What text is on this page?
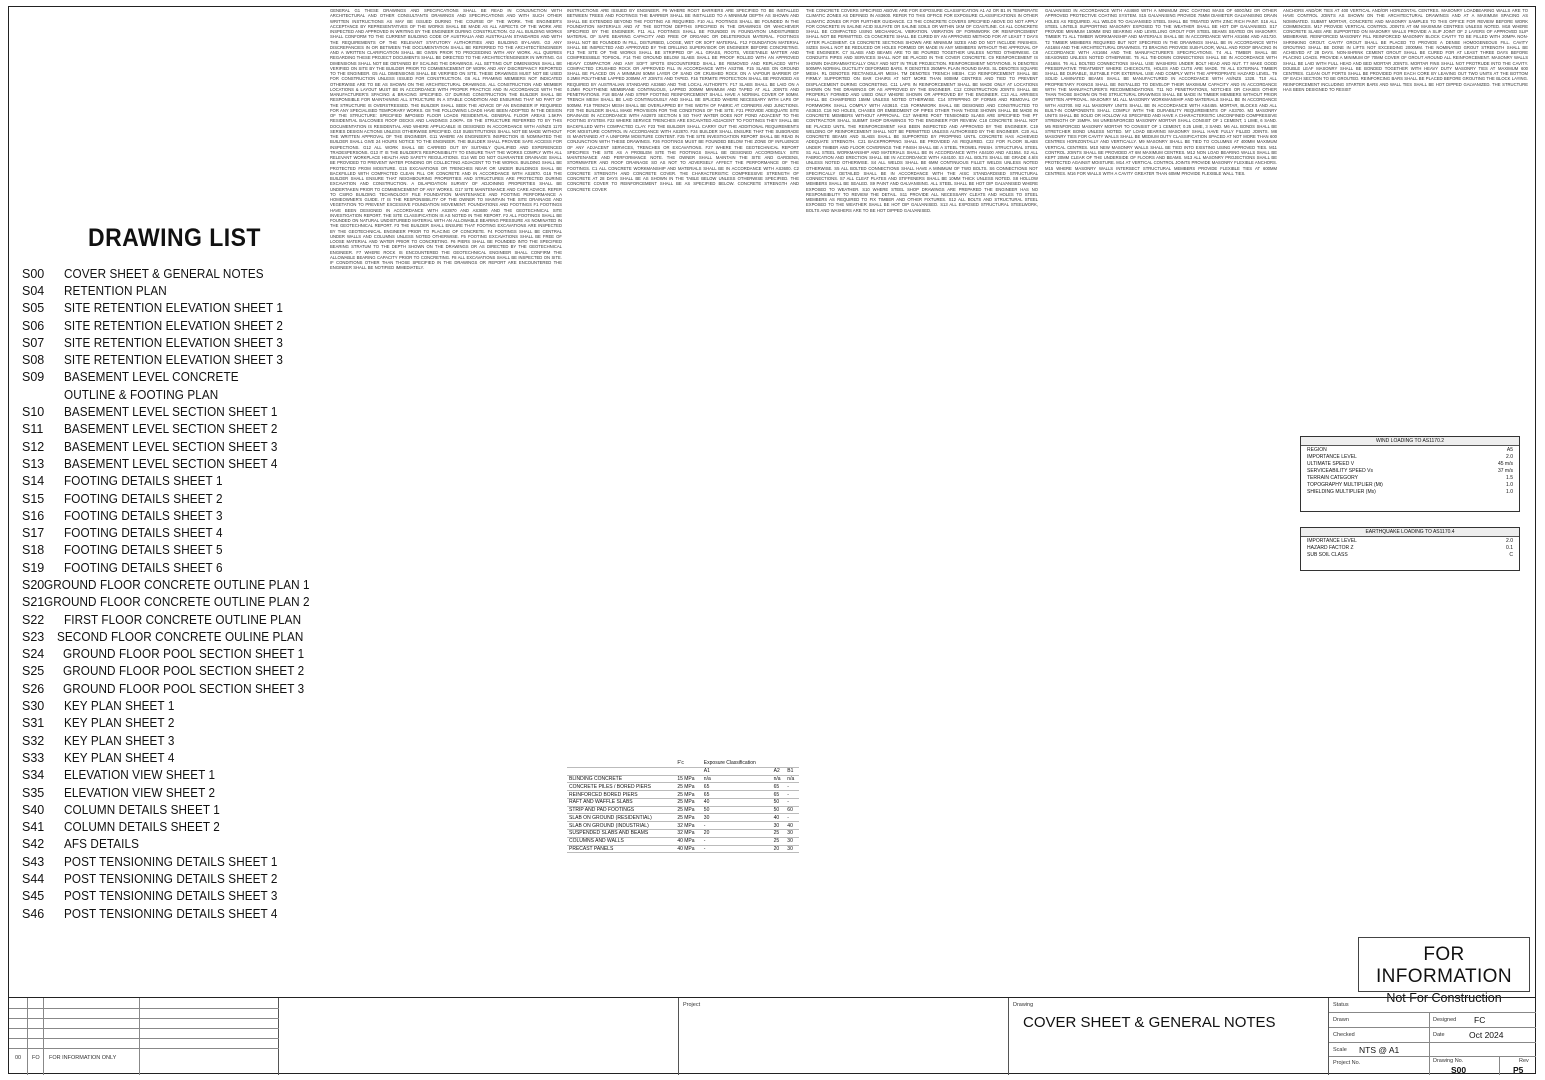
DRAWING LIST
S00	COVER SHEET & GENERAL NOTES
S04	RETENTION PLAN
S05	SITE RETENTION ELEVATION SHEET 1
S06	SITE RETENTION ELEVATION SHEET 2
S07	SITE RETENTION ELEVATION SHEET 3
S08	SITE RETENTION ELEVATION SHEET 3
S09	BASEMENT LEVEL CONCRETE
OUTLINE & FOOTING PLAN
S10	BASEMENT LEVEL SECTION SHEET 1
S11	BASEMENT LEVEL SECTION SHEET 2
S12	BASEMENT LEVEL SECTION SHEET 3
S13	BASEMENT LEVEL SECTION SHEET 4
S14	FOOTING DETAILS SHEET 1
S15	FOOTING DETAILS SHEET 2
S16	FOOTING DETAILS SHEET 3
S17	FOOTING DETAILS SHEET 4
S18	FOOTING DETAILS SHEET 5
S19	FOOTING DETAILS SHEET 6
S20 GROUND FLOOR CONCRETE OUTLINE PLAN 1
S21 GROUND FLOOR CONCRETE OUTLINE PLAN 2
S22	FIRST FLOOR CONCRETE OUTLINE PLAN
S23	SECOND FLOOR CONCRETE OULINE PLAN
S24	GROUND FLOOR POOL SECTION SHEET 1
S25	GROUND FLOOR POOL SECTION SHEET 2
S26	GROUND FLOOR POOL SECTION SHEET 3
S30	KEY PLAN SHEET 1
S31	KEY PLAN SHEET 2
S32	KEY PLAN SHEET 3
S33	KEY PLAN SHEET 4
S34	ELEVATION VIEW SHEET 1
S35	ELEVATION VIEW SHEET 2
S40	COLUMN DETAILS SHEET 1
S41	COLUMN DETAILS SHEET 2
S42	AFS DETAILS
S43	POST TENSIONING DETAILS SHEET 1
S44	POST TENSIONING DETAILS SHEET 2
S45	POST TENSIONING DETAILS SHEET 3
S46	POST TENSIONING DETAILS SHEET 4
GENERAL G1 THESE DRAWINGS AND SPECIFICATIONS SHALL BE READ IN CONJUNCTION WITH ARCHITECTURAL AND OTHER CONSULTANTS DRAWINGS AND SPECIFICATIONS AND WITH SUCH OTHER WRITTEN INSTRUCTIONS AS MAY BE ISSUED DURING THE COURSE OF THE WORK. THE ENGINEER'S ACCEPTANCE BY REPRESENTATIVES OF THE WORKS SHALL BE MADE AS ALL ASPECTS OF THE WORK ARE INSPECTED AND APPROVED IN WRITING BY THE ENGINEER DURING CONSTRUCTION. G2 ALL BUILDING WORKS SHALL CONFORM TO THE CURRENT BUILDING CODE OF AUSTRALIA AND AUSTRALIAN STANDARDS AND WITH THE REQUIREMENTS OF THE RELEVANT STATUTORY AUTHORITIES AND BUILDING BY-LAWS. G3 ANY DISCREPANCIES IN OR BETWEEN THE DOCUMENTATION SHALL BE REFERRED TO THE ARCHITECT/ENGINEER AND A WRITTEN CLARIFICATION SHALL BE GIVEN PRIOR TO PROCEEDING WITH ANY WORK. ALL QUERIES REGARDING THESE PROJECT DOCUMENTS SHALL BE DIRECTED TO THE ARCHITECT/ENGINEER IN WRITING. G4 DIMENSIONS SHALL NOT BE OBTAINED BY SCALING THE DRAWINGS. ALL SETTING OUT DIMENSIONS SHALL BE VERIFIED ON SITE BY THE BUILDER PRIOR TO COMMENCEMENT OF WORK AND ANY DISCREPANCY REPORTED TO THE ENGINEER. G5 ALL DIMENSIONS SHALL BE VERIFIED ON SITE. THESE DRAWINGS MUST NOT BE USED FOR CONSTRUCTION UNLESS ISSUED FOR CONSTRUCTION. G6 ALL FRAMING MEMBERS NOT INDICATED OTHERWISE ARE TO BE AS SHOWN ON THE ARCHITECTURAL DRAWINGS. ALL CONSTRUCTION AND MEMBER LOCATIONS & LAYOUT MUST BE IN ACCORDANCE WITH PROPER PRACTICE AND IN ACCORDANCE WITH THE MANUFACTURER'S SPACING & BRACING SPECIFIED. G7 DURING CONSTRUCTION THE BUILDER SHALL BE RESPONSIBLE FOR MAINTAINING ALL STRUCTURE IN A STABLE CONDITION AND ENSURING THAT NO PART OF THE STRUCTURE IS OVERSTRESSED. THE BUILDER SHALL SEEK THE ADVICE OF AN ENGINEER IF REQUIRED FOR ANY SPECIALISED TEMPORARY WORKS. G8 THE FOLLOWING LOADS HAVE BEEN ADOPTED IN THE DESIGN OF THE STRUCTURE: SPECIFIED IMPOSED FLOOR LOADS RESIDENTIAL GENERAL FLOOR AREAS 1.5KPA RESIDENTIAL BALCONIES ROOF DECKS AND LANDINGS 2.0KPA. G9 THE STRUCTURE REFERRED TO BY THIS DOCUMENTATION IS RESIDENTIAL AND WHERE APPLICABLE IS DESIGNED IN ACCORDANCE WITH AS/NZS 1170 SERIES DESIGN ACTIONS UNLESS OTHERWISE SPECIFIED. G10 SUBSTITUTIONS SHALL NOT BE MADE WITHOUT THE WRITTEN APPROVAL OF THE ENGINEER. G11 WHERE AN ENGINEER'S INSPECTION IS NOMINATED THE BUILDER SHALL GIVE 24 HOURS NOTICE TO THE ENGINEER. THE BUILDER SHALL PROVIDE SAFE ACCESS FOR INSPECTIONS. G12 ALL WORK SHALL BE CARRIED OUT BY SUITABLY QUALIFIED AND EXPERIENCED TRADESPERSONS. G13 IT IS THE BUILDER'S RESPONSIBILITY TO ENSURE THAT THE WORKS COMPLY WITH ALL RELEVANT WORKPLACE HEALTH AND SAFETY REGULATIONS. G14 WE DO NOT GUARANTEE DRAINAGE SHALL BE PROVIDED TO PREVENT WATER PONDING OR COLLECTING ADJACENT TO THE WORKS. BUILDING SHALL BE PROTECTED FROM MOISTURE. G15 EXCAVATIONS OR TRENCHES NEAR OR UNDER BUILDINGS SHALL BE BACKFILLED WITH COMPACTED CLEAN FILL OR CONCRETE AND IN ACCORDANCE WITH AS2870. G16 THE BUILDER SHALL ENSURE THAT NEIGHBOURING PROPERTIES AND STRUCTURES ARE PROTECTED DURING EXCAVATION AND CONSTRUCTION. A DILAPIDATION SURVEY OF ADJOINING PROPERTIES SHALL BE UNDERTAKEN PRIOR TO COMMENCEMENT OF ANY WORKS. G17 SITE MAINTENANCE AND CARE ADVICE. REFER TO CSIRO BUILDING TECHNOLOGY FILE FOUNDATION MAINTENANCE AND FOOTING PERFORMANCE A HOMEOWNER'S GUIDE. IT IS THE RESPONSIBILITY OF THE OWNER TO MAINTAIN THE SITE DRAINAGE AND VEGETATION TO PREVENT EXCESSIVE FOUNDATION MOVEMENT. FOUNDATIONS AND FOOTINGS F1 FOOTINGS HAVE BEEN DESIGNED IN ACCORDANCE WITH AS2870 AND AS3600 AND THE GEOTECHNICAL SITE INVESTIGATION REPORT. THE SITE CLASSIFICATION IS AS NOTED IN THE REPORT. F2 ALL FOOTINGS SHALL BE FOUNDED ON NATURAL UNDISTURBED MATERIAL WITH AN ALLOWABLE BEARING PRESSURE AS NOMINATED IN THE GEOTECHNICAL REPORT. F3 THE BUILDER SHALL ENSURE THAT FOOTING EXCAVATIONS ARE INSPECTED BY THE GEOTECHNICAL ENGINEER PRIOR TO PLACING OF CONCRETE. F4 FOOTINGS SHALL BE CENTRAL UNDER WALLS AND COLUMNS UNLESS NOTED OTHERWISE. F5 FOOTING EXCAVATIONS SHALL BE FREE OF LOOSE MATERIAL AND WATER PRIOR TO CONCRETING. F6 PIERS SHALL BE FOUNDED INTO THE SPECIFIED BEARING STRATUM TO THE DEPTH SHOWN ON THE DRAWINGS OR AS DIRECTED BY THE GEOTECHNICAL ENGINEER. F7 WHERE ROCK IS ENCOUNTERED THE GEOTECHNICAL ENGINEER SHALL CONFIRM THE ALLOWABLE BEARING CAPACITY PRIOR TO CONCRETING. F8 ALL EXCAVATIONS SHALL BE INSPECTED ON SITE. IF CONDITIONS OTHER THAN THOSE SPECIFIED IN THE DRAWINGS OR REPORT ARE ENCOUNTERED THE ENGINEER SHALL BE NOTIFIED IMMEDIATELY.
INSTRUCTIONS ARE ISSUED BY ENGINEER. F9 WHERE ROOT BARRIERS ARE SPECIFIED TO BE INSTALLED BETWEEN TREES AND FOOTINGS THE BARRIER SHALL BE INSTALLED TO A MINIMUM DEPTH AS SHOWN AND SHALL BE EXTENDED BEYOND THE FOOTING AS REQUIRED. F10 ALL FOOTINGS SHALL BE FOUNDED IN THE FOUNDATION MATERIALS AND AT THE BOTTOM DEPTHS SPECIFIED IN THE DRAWINGS OR WHICHEVER SPECIFIED BY THE ENGINEER. F11 ALL FOOTINGS SHALL BE FOUNDED IN FOUNDATION UNDISTURBED MATERIAL OF SAFE BEARING CAPACITY AND FREE OF ORGANIC OR DELETERIOUS MATERIAL. FOOTINGS SHALL NOT BE FOUNDED IN FILL, DISTURBED, LOOSE, WET OR SOFT MATERIAL. F12 FOUNDATION MATERIAL SHALL BE INSPECTED AND APPROVED BY THE DRILLING SUPERVISOR OR ENGINEER BEFORE CONCRETING. F13 THE SITE OF THE WORKS SHALL BE STRIPPED OF ALL GRASS, ROOTS, VEGETABLE MATTER AND COMPRESSIBLE TOPSOIL. F14 THE GROUND BELOW SLABS SHALL BE PROOF ROLLED WITH AN APPROVED HEAVY COMPACTOR AND ANY SOFT SPOTS ENCOUNTERED SHALL BE REMOVED AND REPLACED WITH COMPACTED CRUSHED ROCK OR APPROVED FILL IN ACCORDANCE WITH AS3798. F15 SLABS ON GROUND SHALL BE PLACED ON A MINIMUM 50MM LAYER OF SAND OR CRUSHED ROCK ON A VAPOUR BARRIER OF 0.2MM POLYTHENE LAPPED 200MM AT JOINTS AND TAPED. F16 TERMITE PROTECTION SHALL BE PROVIDED AS REQUIRED BY AUSTRALIAN STANDARD AS3660 AND THE LOCAL AUTHORITY. F17 SLABS SHALL BE LAID ON A 0.2MM POLYTHENE MEMBRANE CONTINUOUS, LAPPED 200MM MINIMUM AND TAPED AT ALL JOINTS AND PENETRATIONS. F18 BEAM AND STRIP FOOTING REINFORCEMENT SHALL HAVE A NORMAL COVER OF 50MM. TRENCH MESH SHALL BE LAID CONTINUOUSLY AND SHALL BE SPLICED WHERE NECESSARY WITH LAPS OF 500MM. F19 TRENCH MESH SHALL BE OVERLAPPED BY THE WIDTH OF FABRIC AT CORNERS AND JUNCTIONS. F20 THE BUILDER SHALL MAKE PROVISION FOR THE CONDITIONS OF THE SITE. F21 PROVIDE ADEQUATE SITE DRAINAGE IN ACCORDANCE WITH AS2870 SECTION 5 SO THAT WATER DOES NOT POND ADJACENT TO THE FOOTING SYSTEM. F22 WHERE SERVICE TRENCHES ARE EXCAVATED ADJACENT TO FOOTINGS THEY SHALL BE BACKFILLED WITH COMPACTED CLAY. F23 THE BUILDER SHALL CARRY OUT THE ADDITIONAL REQUIREMENTS FOR MOISTURE CONTROL IN ACCORDANCE WITH AS2870. F24 BUILDER SHALL ENSURE THAT THE SUBGRADE IS MAINTAINED AT A UNIFORM MOISTURE CONTENT. F25 THE SITE INVESTIGATION REPORT SHALL BE READ IN CONJUNCTION WITH THESE DRAWINGS. F26 FOOTINGS MUST BE FOUNDED BELOW THE ZONE OF INFLUENCE OF ANY ADJACENT SERVICES, TRENCHES OR EXCAVATIONS. F27 WHERE THE GEOTECHNICAL REPORT SPECIFIES THE SITE AS A PROBLEM SITE THE FOOTINGS SHALL BE DESIGNED ACCORDINGLY. SITE MAINTENANCE AND PERFORMANCE NOTE. THE OWNER SHALL MAINTAIN THE SITE AND GARDENS, STORMWATER AND ROOF DRAINAGE SO AS NOT TO ADVERSELY AFFECT THE PERFORMANCE OF THE FOOTINGS. C1 ALL CONCRETE WORKMANSHIP AND MATERIALS SHALL BE IN ACCORDANCE WITH AS3600. C2 CONCRETE STRENGTH AND CONCRETE COVER. THE CHARACTERISTIC COMPRESSIVE STRENGTH OF CONCRETE AT 28 DAYS SHALL BE AS SHOWN IN THE TABLE BELOW UNLESS OTHERWISE SPECIFIED. THE CONCRETE COVER TO REINFORCEMENT SHALL BE AS SPECIFIED BELOW. CONCRETE STRENGTH AND CONCRETE COVER
	F'c	Exposure Classification		
		A1	A2	B1
BLINDING CONCRETE	15 MPa	n/a	n/a	n/a
CONCRETE PILES / BORED PIERS	25 MPa	65	65	-
REINFORCED BORED PIERS	25 MPa	65	65	-
RAFT AND WAFFLE SLABS	25 MPa	40	50	-
STRIP AND PAD FOOTINGS	25 MPa	50	50	60
SLAB ON GROUND (RESIDENTIAL)	25 MPa	30	40	-
SLAB ON GROUND (INDUSTRIAL)	32 MPa	-	30	40
SUSPENDED SLABS AND BEAMS	32 MPa	20	25	30
COLUMNS AND WALLS	40 MPa	-	25	30
PRECAST PANELS	40 MPa	-	20	30
THE CONCRETE COVERS SPECIFIED ABOVE ARE FOR EXPOSURE CLASSIFICATION A1 A2 OR B1 IN TEMPERATE CLIMATIC ZONES AS DEFINED IN AS3600. REFER TO THIS OFFICE FOR EXPOSURE CLASSIFICATIONS IN OTHER CLIMATIC ZONES OR FOR FURTHER GUIDANCE. C3 THE CONCRETE COVERS SPECIFIED ABOVE DO NOT APPLY FOR CONCRETE IN SALINE ACID SULFATE OR SALINE SOILS OR WITHIN 1KM OF COASTLINE. C4 ALL CONCRETE SHALL BE COMPACTED USING MECHANICAL VIBRATION. VIBRATION OF FORMWORK OR REINFORCEMENT SHALL NOT BE PERMITTED. C5 CONCRETE SHALL BE CURED BY AN APPROVED METHOD FOR AT LEAST 7 DAYS AFTER PLACEMENT. C6 CONCRETE SECTIONS SHOWN ARE MINIMUM SIZES AND DO NOT INCLUDE FINISHES. SIZES SHALL NOT BE REDUCED OR HOLES FORMED OR MADE IN ANY MEMBERS WITHOUT THE APPROVAL OF THE ENGINEER. C7 SLABS AND BEAMS ARE TO BE POURED TOGETHER UNLESS NOTED OTHERWISE. C8 CONDUITS PIPES AND SERVICES SHALL NOT BE PLACED IN THE COVER CONCRETE. C9 REINFORCEMENT IS SHOWN DIAGRAMMATICALLY ONLY AND NOT IN TRUE PROJECTION. REINFORCEMENT NOTATIONS. N DENOTES 500MPA NORMAL DUCTILITY DEFORMED BARS. R DENOTES 250MPA PLAIN ROUND BARS. SL DENOTES SQUARE MESH. RL DENOTES RECTANGULAR MESH. TM DENOTES TRENCH MESH. C10 REINFORCEMENT SHALL BE FIRMLY SUPPORTED ON BAR CHAIRS AT NOT MORE THAN 800MM CENTRES AND TIED TO PREVENT DISPLACEMENT DURING CONCRETING. C11 LAPS IN REINFORCEMENT SHALL BE MADE ONLY AT LOCATIONS SHOWN ON THE DRAWINGS OR AS APPROVED BY THE ENGINEER. C12 CONSTRUCTION JOINTS SHALL BE PROPERLY FORMED AND USED ONLY WHERE SHOWN OR APPROVED BY THE ENGINEER. C13 ALL ARRISES SHALL BE CHAMFERED 15MM UNLESS NOTED OTHERWISE. C14 STRIPPING OF FORMS AND REMOVAL OF FORMWORK SHALL COMPLY WITH AS3610. C15 FORMWORK SHALL BE DESIGNED AND CONSTRUCTED TO AS3610. C16 NO HOLES, CHASES OR EMBEDMENT OF PIPES OTHER THAN THOSE SHOWN SHALL BE MADE IN CONCRETE MEMBERS WITHOUT APPROVAL. C17 WHERE POST TENSIONED SLABS ARE SPECIFIED THE PT CONTRACTOR SHALL SUBMIT SHOP DRAWINGS TO THE ENGINEER FOR REVIEW. C18 CONCRETE SHALL NOT BE PLACED UNTIL THE REINFORCEMENT HAS BEEN INSPECTED AND APPROVED BY THE ENGINEER. C19 WELDING OF REINFORCEMENT SHALL NOT BE PERMITTED UNLESS AUTHORISED BY THE ENGINEER. C20 ALL CONCRETE BEAMS AND SLABS SHALL BE SUPPORTED BY PROPPING UNTIL CONCRETE HAS ACHIEVED ADEQUATE STRENGTH. C21 BACKPROPPING SHALL BE PROVIDED AS REQUIRED. C22 FOR FLOOR SLABS UNDER TIMBER AND FLOOR COVERINGS THE FINISH SHALL BE A STEEL TROWEL FINISH. STRUCTURAL STEEL S1 ALL STEEL WORKMANSHIP AND MATERIALS SHALL BE IN ACCORDANCE WITH AS4100 AND AS1554. S2 ALL FABRICATION AND ERECTION SHALL BE IN ACCORDANCE WITH AS4100. S3 ALL BOLTS SHALL BE GRADE 4.6/S UNLESS NOTED OTHERWISE. S4 ALL WELDS SHALL BE 6MM CONTINUOUS FILLET WELDS UNLESS NOTED OTHERWISE. S5 ALL BOLTED CONNECTIONS SHALL HAVE A MINIMUM OF TWO BOLTS. S6 CONNECTIONS NOT SPECIFICALLY DETAILED SHALL BE IN ACCORDANCE WITH THE AISC STANDARDISED STRUCTURAL CONNECTIONS. S7 ALL CLEAT PLATES AND STIFFENERS SHALL BE 10MM THICK UNLESS NOTED. S8 HOLLOW MEMBERS SHALL BE SEALED. S9 PAINT AND GALVANISING. ALL STEEL SHALL BE HOT DIP GALVANISED WHERE EXPOSED TO WEATHER. S10 WHERE STEEL SHOP DRAWINGS ARE PREPARED THE ENGINEER HAS NO RESPONSIBILITY TO REVIEW THE DETAIL. S11 PROVIDE ALL NECESSARY CLEATS AND HOLES TO STEEL MEMBERS AS REQUIRED TO FIX TIMBER AND OTHER FIXTURES. S12 ALL BOLTS AND STRUCTURAL STEEL EXPOSED TO THE WEATHER SHALL BE HOT DIP GALVANISED. S13 ALL EXPOSED STRUCTURAL STEELWORK, BOLTS AND WASHERS ARE TO BE HOT DIPPED GALVANISED.
GALVANISED IN ACCORDANCE WITH AS4680 WITH A MINIMUM ZINC COATING MASS OF 600G/M2 OR OTHER APPROVED PROTECTIVE COATING SYSTEM. S15 GALVANISING PROVIDE 75MM DIAMETER GALVANISING DRAIN HOLES AS REQUIRED. ALL WELDS TO GALVANISED STEEL SHALL BE TREATED WITH ZINC RICH PAINT. S16 ALL STEEL LINTELS SUPPORTING MASONRY EXPOSED TO THE WEATHER SHALL BE HOT DIP GALVANISED. S17 PROVIDE MINIMUM 150MM END BEARING AND LEVELLING GROUT FOR STEEL BEAMS SEATED ON MASONRY. TIMBER T1 ALL TIMBER WORKMANSHIP AND MATERIALS SHALL BE IN ACCORDANCE WITH AS1684 AND AS1720. T2 TIMBER MEMBERS REQUIRED BUT NOT SPECIFIED IN THE DRAWINGS SHALL BE IN ACCORDANCE WITH AS1684 AND THE ARCHITECTURAL DRAWINGS. T3 BRACING PROVIDE SUB-FLOOR, WALL AND ROOF BRACING IN ACCORDANCE WITH AS1684 AND THE MANUFACTURER'S SPECIFICATIONS. T4 ALL TIMBER SHALL BE SEASONED UNLESS NOTED OTHERWISE. T5 ALL TIE-DOWN CONNECTIONS SHALL BE IN ACCORDANCE WITH AS1684. T6 ALL BOLTED CONNECTIONS SHALL USE WASHERS UNDER BOLT HEAD AND NUT. T7 MAKE GOOD PRESERVATIVE TREATMENT WHERE CHECKOUTS, HOLES AND CUTS ARE MADE. T8 ALL EXTERNAL TIMBER SHALL BE DURABLE, SUITABLE FOR EXTERNAL USE AND COMPLY WITH THE APPROPRIATE HAZARD LEVEL. T9 SOLID LAMINATED BEAMS SHALL BE MANUFACTURED IN ACCORDANCE WITH AS/NZS 1328. T10 ALL PROPRIETARY FIXINGS SHALL BE INSTALLED TO DEVELOP THEIR MAXIMUM CAPACITY AND IN ACCORDANCE WITH THE MANUFACTURER'S RECOMMENDATIONS. T11 NO PENETRATIONS, NOTCHES OR CHASES OTHER THAN THOSE SHOWN ON THE STRUCTURAL DRAWINGS SHALL BE MADE IN TIMBER MEMBERS WITHOUT PRIOR WRITTEN APPROVAL. MASONRY M1 ALL MASONRY WORKMANSHIP AND MATERIALS SHALL BE IN ACCORDANCE WITH AS3700. M2 ALL MASONRY UNITS SHALL BE IN ACCORDANCE WITH AS4455. MORTAR, BLOCKS AND ALL BUILT-IN COMPONENTS SHALL COMPLY WITH THE DURABILITY REQUIREMENTS OF AS3700. M3 MASONRY UNITS SHALL BE SOLID OR HOLLOW AS SPECIFIED AND HAVE A CHARACTERISTIC UNCONFINED COMPRESSIVE STRENGTH OF 15MPA. M4 UNREINFORCED MASONRY MORTAR SHALL CONSIST OF 1 CEMENT, 1 LIME, 6 SAND. M5 REINFORCED MASONRY MORTAR TO CONSIST OF 1 CEMENT, 0.25 LIME, 3 SAND. M6 ALL BONDS SHALL BE STRETCHER BOND UNLESS NOTED. M7 LOAD BEARING MASONRY SHALL HAVE FULLY FILLED JOINTS. M8 MASONRY TIES FOR CAVITY WALLS SHALL BE MEDIUM DUTY CLASSIFICATION SPACED AT NOT MORE THAN 600 CENTRES HORIZONTALLY AND VERTICALLY. M9 MASONRY SHALL BE TIED TO COLUMNS AT 400MM MAXIMUM VERTICAL CENTRES. M10 NEW MASONRY WALLS SHALL BE TIED INTO EXISTING USING APPROVED TIES. M11 CONTROL JOINTS SHALL BE PROVIDED AT 6M MAXIMUM CENTRES. M12 NON LOAD BEARING WALLS SHALL BE KEPT 20MM CLEAR OF THE UNDERSIDE OF FLOORS AND BEAMS. M13 ALL MASONRY PROJECTIONS SHALL BE PROTECTED AGAINST MOISTURE. M14 AT VERTICAL CONTROL JOINTS PROVIDE MASONRY FLEXIBLE ANCHORS. M15 WHERE MASONRY WALLS INTERSECT STRUCTURAL MEMBERS PROVIDE FLEXIBLE TIES AT 600MM CENTRES. M16 FOR WALLS WITH A CAVITY GREATER THAN 60MM PROVIDE FLEXIBLE WALL TIES.
ANCHORS AND/OR TIES AT 400 VERTICAL AND/OR HORIZONTAL CENTRES. MASONRY LOADBEARING WALLS ARE TO HAVE CONTROL JOINTS AS SHOWN ON THE ARCHITECTURAL DRAWINGS AND AT A MAXIMUM SPACING AS NOMINATED. SUBMIT MORTAR, CONCRETE AND MASONRY SAMPLES TO THIS OFFICE FOR REVIEW BEFORE WORK COMMENCES. M17 PROVIDE VERTICAL CONTROL JOINTS AT 6M MAXIMUM CENTRES UNLESS NOTED. M18 WHERE CONCRETE SLABS ARE SUPPORTED ON MASONRY WALLS PROVIDE A SLIP JOINT OF 2 LAYERS OF APPROVED SLIP MEMBRANE. REINFORCED MASONRY FILL REINFORCED MASONRY BLOCK CAVITY TO BE FILLED WITH 20MPA NON-SHRINKING GROUT. CAVITY GROUT SHALL BE PLACED TO PROVIDE A DENSE HOMOGENEOUS FILL. CAVITY GROUTING SHALL BE DONE IN LIFTS NOT EXCEEDING 2000MM. THE NOMINATED GROUT STRENGTH SHALL BE ACHIEVED AT 28 DAYS. NON-SHRINK CEMENT GROUT SHALL BE CURED FOR AT LEAST THREE DAYS BEFORE PLACING LOADS. PROVIDE A MINIMUM OF 70MM COVER OF GROUT AROUND ALL REINFORCEMENT. MASONRY WALLS SHALL BE LAID WITH FULL HEAD AND BED MORTAR JOINTS. MORTAR FINS SHALL NOT PROTRUDE INTO THE CAVITY. DOUBLE LEAF MASONRY SHALL BE BONDED TOGETHER WITH HEAVY DUTY MASONRY TIES AT MAXIMUM 600 CENTRES. CLEAN OUT PORTS SHALL BE PROVIDED FOR EACH CORE BY LEAVING OUT TWO UNITS AT THE BOTTOM OF EACH SECTION TO BE GROUTED. REINFORCING BARS SHALL BE PLACED BEFORE GROUTING THE BLOCK LAYING. REINFORCEMENT INCLUDING STARTER BARS AND WALL TIES SHALL BE HOT DIPPED GALVANIZED. THE STRUCTURE HAS BEEN DESIGNED TO RESIST
WIND LOADING TO AS1170.2
REGION	A5
IMPORTANCE LEVEL	2.0
ULTIMATE SPEED V	45 m/s
SERVICEABILITY SPEED Vs	37 m/s
TERRAIN CATEGORY	1.5
TOPOGRAPHY MULTIPLIER (Mt)	1.0
SHIELDING MULTIPLIER (Ms)	1.0
EARTHQUAKE LOADING TO AS1170.4
IMPORTANCE LEVEL	2.0
HAZARD FACTOR Z	0.1
SUB SOIL CLASS	C
FOR INFORMATION
Not For Construction
00 FO FOR INFORMATION ONLY
Project	Drawing
COVER SHEET & GENERAL NOTES
Status
Drawn	Designed FC
Checked	Date	Oct 2024
Scale NTS @ A1
Project No.	Drawing No.
S00
Rev
P5
